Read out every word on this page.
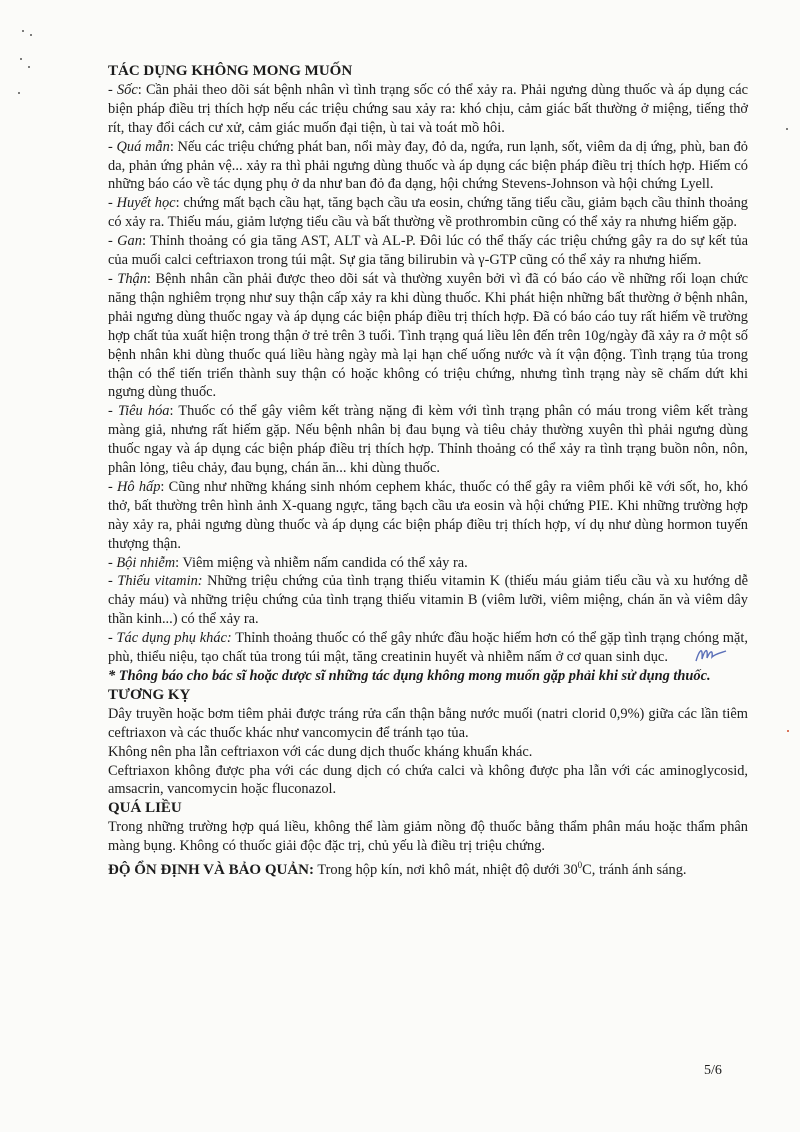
TÁC DỤNG KHÔNG MONG MUỐN

- Sốc: Cần phải theo dõi sát bệnh nhân vì tình trạng sốc có thể xảy ra. Phải ngưng dùng thuốc và áp dụng các biện pháp điều trị thích hợp nếu các triệu chứng sau xảy ra: khó chịu, cảm giác bất thường ở miệng, tiếng thở rít, thay đổi cách cư xử, cảm giác muốn đại tiện, ù tai và toát mồ hôi.

- Quá mẫn: Nếu các triệu chứng phát ban, nổi mày đay, đỏ da, ngứa, run lạnh, sốt, viêm da dị ứng, phù, ban đỏ da, phản ứng phản vệ... xảy ra thì phải ngưng dùng thuốc và áp dụng các biện pháp điều trị thích hợp. Hiếm có những báo cáo về tác dụng phụ ở da như ban đỏ đa dạng, hội chứng Stevens-Johnson và hội chứng Lyell.

- Huyết học: chứng mất bạch cầu hạt, tăng bạch cầu ưa eosin, chứng tăng tiểu cầu, giảm bạch cầu thỉnh thoảng có xảy ra. Thiếu máu, giảm lượng tiểu cầu và bất thường về prothrombin cũng có thể xảy ra nhưng hiếm gặp.

- Gan: Thỉnh thoảng có gia tăng AST, ALT và AL-P. Đôi lúc có thể thấy các triệu chứng gây ra do sự kết tủa của muối calci ceftriaxon trong túi mật. Sự gia tăng bilirubin và γ-GTP cũng có thể xảy ra nhưng hiếm.

- Thận: Bệnh nhân cần phải được theo dõi sát và thường xuyên bởi vì đã có báo cáo về những rối loạn chức năng thận nghiêm trọng như suy thận cấp xảy ra khi dùng thuốc. Khi phát hiện những bất thường ở bệnh nhân, phải ngưng dùng thuốc ngay và áp dụng các biện pháp điều trị thích hợp. Đã có báo cáo tuy rất hiếm về trường hợp chất tủa xuất hiện trong thận ở trẻ trên 3 tuổi. Tình trạng quá liều lên đến trên 10g/ngày đã xảy ra ở một số bệnh nhân khi dùng thuốc quá liều hàng ngày mà lại hạn chế uống nước và ít vận động. Tình trạng tủa trong thận có thể tiến triển thành suy thận có hoặc không có triệu chứng, nhưng tình trạng này sẽ chấm dứt khi ngưng dùng thuốc.

- Tiêu hóa: Thuốc có thể gây viêm kết tràng nặng đi kèm với tình trạng phân có máu trong viêm kết tràng màng giả, nhưng rất hiếm gặp. Nếu bệnh nhân bị đau bụng và tiêu chảy thường xuyên thì phải ngưng dùng thuốc ngay và áp dụng các biện pháp điều trị thích hợp. Thỉnh thoảng có thể xảy ra tình trạng buồn nôn, nôn, phân lỏng, tiêu chảy, đau bụng, chán ăn... khi dùng thuốc.

- Hô hấp: Cũng như những kháng sinh nhóm cephem khác, thuốc có thể gây ra viêm phổi kẽ với sốt, ho, khó thở, bất thường trên hình ảnh X-quang ngực, tăng bạch cầu ưa eosin và hội chứng PIE. Khi những trường hợp này xảy ra, phải ngưng dùng thuốc và áp dụng các biện pháp điều trị thích hợp, ví dụ như dùng hormon tuyến thượng thận.

- Bội nhiễm: Viêm miệng và nhiễm nấm candida có thể xảy ra.

- Thiếu vitamin: Những triệu chứng của tình trạng thiếu vitamin K (thiếu máu giảm tiểu cầu và xu hướng dễ chảy máu) và những triệu chứng của tình trạng thiếu vitamin B (viêm lưỡi, viêm miệng, chán ăn và viêm dây thần kinh...) có thể xảy ra.

- Tác dụng phụ khác: Thỉnh thoảng thuốc có thể gây nhức đầu hoặc hiếm hơn có thể gặp tình trạng chóng mặt, phù, thiểu niệu, tạo chất tủa trong túi mật, tăng creatinin huyết và nhiễm nấm ở cơ quan sinh dục.

* Thông báo cho bác sĩ hoặc dược sĩ những tác dụng không mong muốn gặp phải khi sử dụng thuốc.

TƯƠNG KỴ

Dây truyền hoặc bơm tiêm phải được tráng rửa cẩn thận bằng nước muối (natri clorid 0,9%) giữa các lần tiêm ceftriaxon và các thuốc khác như vancomycin để tránh tạo tủa.

Không nên pha lẫn ceftriaxon với các dung dịch thuốc kháng khuẩn khác.

Ceftriaxon không được pha với các dung dịch có chứa calci và không được pha lẫn với các aminoglycosid, amsacrin, vancomycin hoặc fluconazol.

QUÁ LIỀU

Trong những trường hợp quá liều, không thể làm giảm nồng độ thuốc bằng thẩm phân máu hoặc thẩm phân màng bụng. Không có thuốc giải độc đặc trị, chủ yếu là điều trị triệu chứng.

ĐỘ ỔN ĐỊNH VÀ BẢO QUẢN: Trong hộp kín, nơi khô mát, nhiệt độ dưới $30^0C$, tránh ánh sáng.

5/6
